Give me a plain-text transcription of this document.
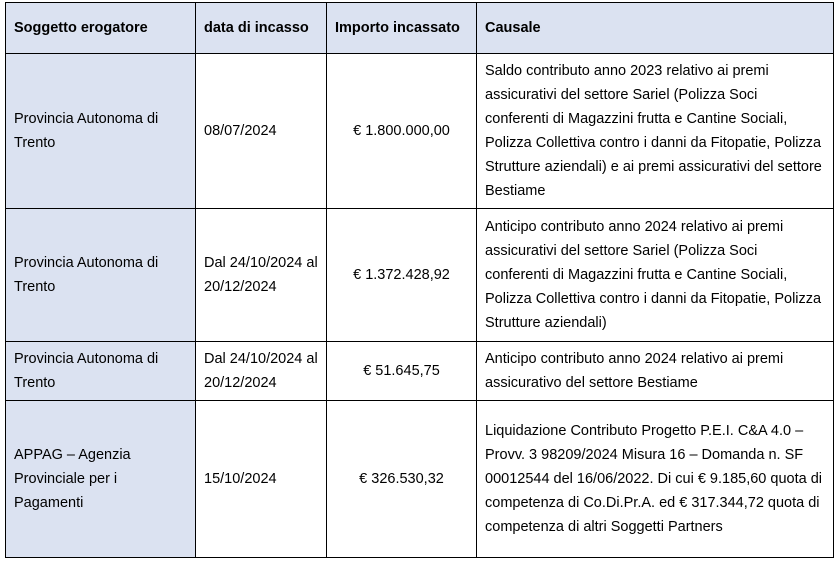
Soggetto erogatore	data di incasso	Importo incassato	Causale
Provincia Autonoma di Trento	08/07/2024	€ 1.800.000,00	Saldo contributo anno 2023 relativo ai premi assicurativi del settore Sariel (Polizza Soci conferenti di Magazzini frutta e Cantine Sociali, Polizza Collettiva contro i danni da Fitopatie, Polizza Strutture aziendali) e ai premi assicurativi del settore Bestiame
Provincia Autonoma di Trento	Dal 24/10/2024 al 20/12/2024	€ 1.372.428,92	Anticipo contributo anno 2024 relativo ai premi assicurativi del settore Sariel (Polizza Soci conferenti di Magazzini frutta e Cantine Sociali, Polizza Collettiva contro i danni da Fitopatie, Polizza Strutture aziendali)
Provincia Autonoma di Trento	Dal 24/10/2024 al 20/12/2024	€ 51.645,75	Anticipo contributo anno 2024 relativo ai premi assicurativo del settore Bestiame
APPAG – Agenzia Provinciale per i Pagamenti	15/10/2024	€ 326.530,32	Liquidazione Contributo Progetto P.E.I. C&A 4.0 – Provv. 3 98209/2024 Misura 16 – Domanda n. SF 00012544 del 16/06/2022. Di cui € 9.185,60 quota di competenza di Co.Di.Pr.A. ed € 317.344,72 quota di competenza di altri Soggetti Partners
